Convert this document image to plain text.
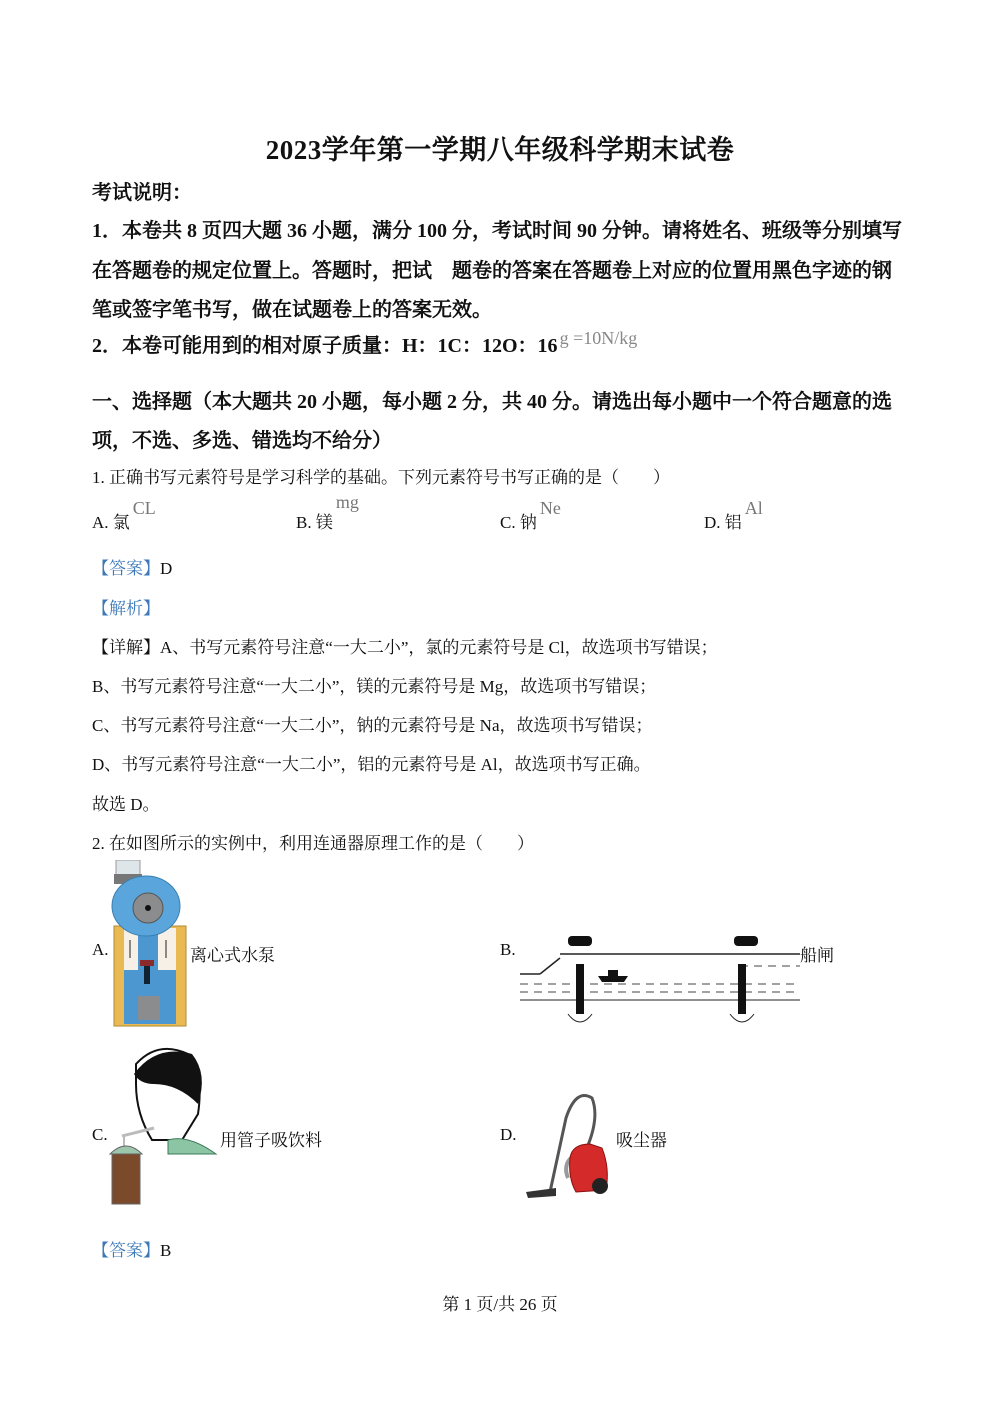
2023学年第一学期八年级科学期末试卷
考试说明：
1．本卷共 8 页四大题 36 小题，满分 100 分，考试时间 90 分钟。请将姓名、班级等分别填写
在答题卷的规定位置上。答题时，把试　题卷的答案在答题卷上对应的位置用黑色字迹的钢
笔或签字笔书写，做在试题卷上的答案无效。
2．本卷可能用到的相对原子质量：H：1C：12O：16 g =10N/kg
一、选择题（本大题共 20 小题，每小题 2 分，共 40 分。请选出每小题中一个符合题意的选
项，不选、多选、错选均不给分）
1. 正确书写元素符号是学习科学的基础。下列元素符号书写正确的是（　　）
A. 氯CL
B. 镁mg
C. 钠Ne
D. 铝Al
【答案】D
【解析】
【详解】A、书写元素符号注意“一大二小”，氯的元素符号是 Cl，故选项书写错误；
B、书写元素符号注意“一大二小”，镁的元素符号是 Mg，故选项书写错误；
C、书写元素符号注意“一大二小”，钠的元素符号是 Na，故选项书写错误；
D、书写元素符号注意“一大二小”，铝的元素符号是 Al，故选项书写正确。
故选 D。
2. 在如图所示的实例中，利用连通器原理工作的是（　　）
A.	离心式水泵	B.	船闸
C.	用管子吸饮料	D.	吸尘器
【答案】B
第 1 页/共 26 页
